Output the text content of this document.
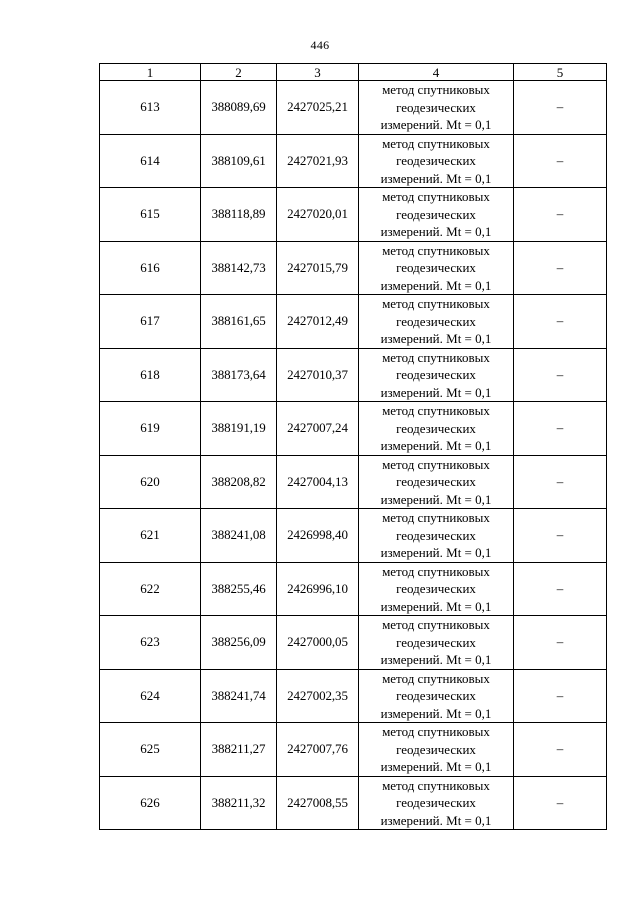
446
1	2	3	4	5
613	388089,69	2427025,21	метод спутниковых
геодезических
измерений. Mt = 0,1	–
614	388109,61	2427021,93	метод спутниковых
геодезических
измерений. Mt = 0,1	–
615	388118,89	2427020,01	метод спутниковых
геодезических
измерений. Mt = 0,1	–
616	388142,73	2427015,79	метод спутниковых
геодезических
измерений. Mt = 0,1	–
617	388161,65	2427012,49	метод спутниковых
геодезических
измерений. Mt = 0,1	–
618	388173,64	2427010,37	метод спутниковых
геодезических
измерений. Mt = 0,1	–
619	388191,19	2427007,24	метод спутниковых
геодезических
измерений. Mt = 0,1	–
620	388208,82	2427004,13	метод спутниковых
геодезических
измерений. Mt = 0,1	–
621	388241,08	2426998,40	метод спутниковых
геодезических
измерений. Mt = 0,1	–
622	388255,46	2426996,10	метод спутниковых
геодезических
измерений. Mt = 0,1	–
623	388256,09	2427000,05	метод спутниковых
геодезических
измерений. Mt = 0,1	–
624	388241,74	2427002,35	метод спутниковых
геодезических
измерений. Mt = 0,1	–
625	388211,27	2427007,76	метод спутниковых
геодезических
измерений. Mt = 0,1	–
626	388211,32	2427008,55	метод спутниковых
геодезических
измерений. Mt = 0,1	–
